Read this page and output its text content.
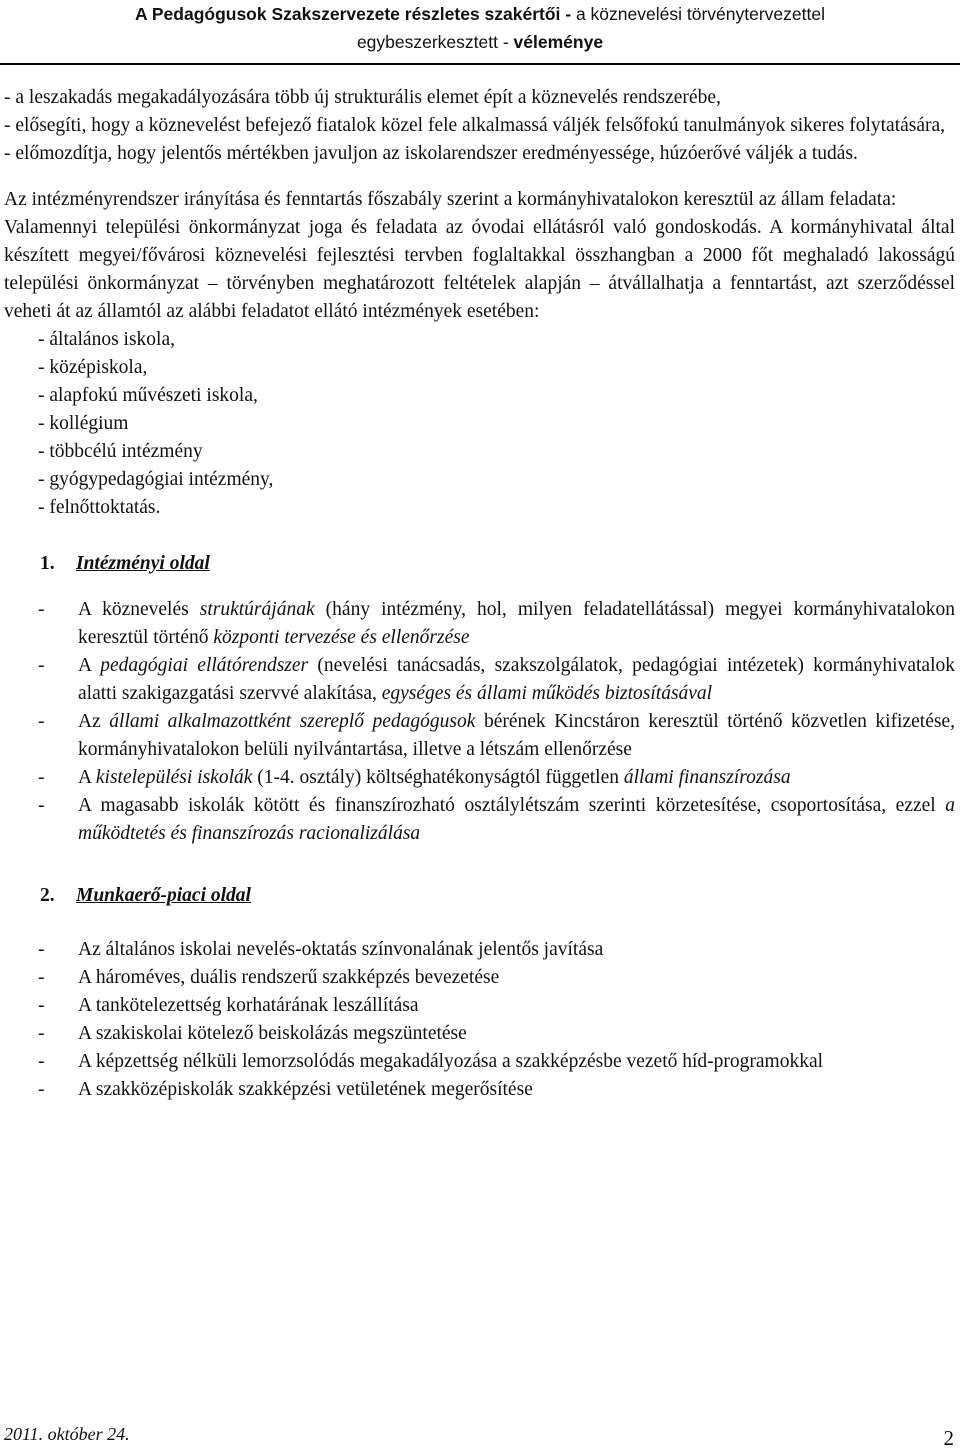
A Pedagógusok Szakszervezete részletes szakértői - a köznevelési törvénytervezettel
egybeszerkesztett - véleménye

- a leszakadás megakadályozására több új strukturális elemet épít a köznevelés rendszerébe,

- elősegíti, hogy a köznevelést befejező fiatalok közel fele alkalmassá váljék felsőfokú tanulmányok sikeres folytatására,

- előmozdítja, hogy jelentős mértékben javuljon az iskolarendszer eredményessége, húzóerővé váljék a tudás.

Az intézményrendszer irányítása és fenntartás főszabály szerint a kormányhivatalokon keresztül az állam feladata:

Valamennyi települési önkormányzat joga és feladata az óvodai ellátásról való gondoskodás. A kormányhivatal által készített megyei/fővárosi köznevelési fejlesztési tervben foglaltakkal összhangban a 2000 főt meghaladó lakosságú települési önkormányzat – törvényben meghatározott feltételek alapján – átvállalhatja a fenntartást, azt szerződéssel veheti át az államtól az alábbi feladatot ellátó intézmények esetében:

- általános iskola,

- középiskola,

- alapfokú művészeti iskola,

- kollégium

- többcélú intézmény

- gyógypedagógiai intézmény,

- felnőttoktatás.

1. Intézményi oldal

- A köznevelés struktúrájának (hány intézmény, hol, milyen feladatellátással) megyei kormányhivatalokon keresztül történő központi tervezése és ellenőrzése
- A pedagógiai ellátórendszer (nevelési tanácsadás, szakszolgálatok, pedagógiai intézetek) kormányhivatalok alatti szakigazgatási szervvé alakítása, egységes és állami működés biztosításával
- Az állami alkalmazottként szereplő pedagógusok bérének Kincstáron keresztül történő közvetlen kifizetése, kormányhivatalokon belüli nyilvántartása, illetve a létszám ellenőrzése
- A kistelepülési iskolák (1-4. osztály) költséghatékonyságtól független állami finanszírozása
- A magasabb iskolák kötött és finanszírozható osztálylétszám szerinti körzetesítése, csoportosítása, ezzel a működtetés és finanszírozás racionalizálása

2. Munkaerő-piaci oldal

- Az általános iskolai nevelés-oktatás színvonalának jelentős javítása
- A hároméves, duális rendszerű szakképzés bevezetése
- A tankötelezettség korhatárának leszállítása
- A szakiskolai kötelező beiskolázás megszüntetése
- A képzettség nélküli lemorzsolódás megakadályozása a szakképzésbe vezető híd-programokkal
- A szakközépiskolák szakképzési vetületének megerősítése
2011. október 24.	2
